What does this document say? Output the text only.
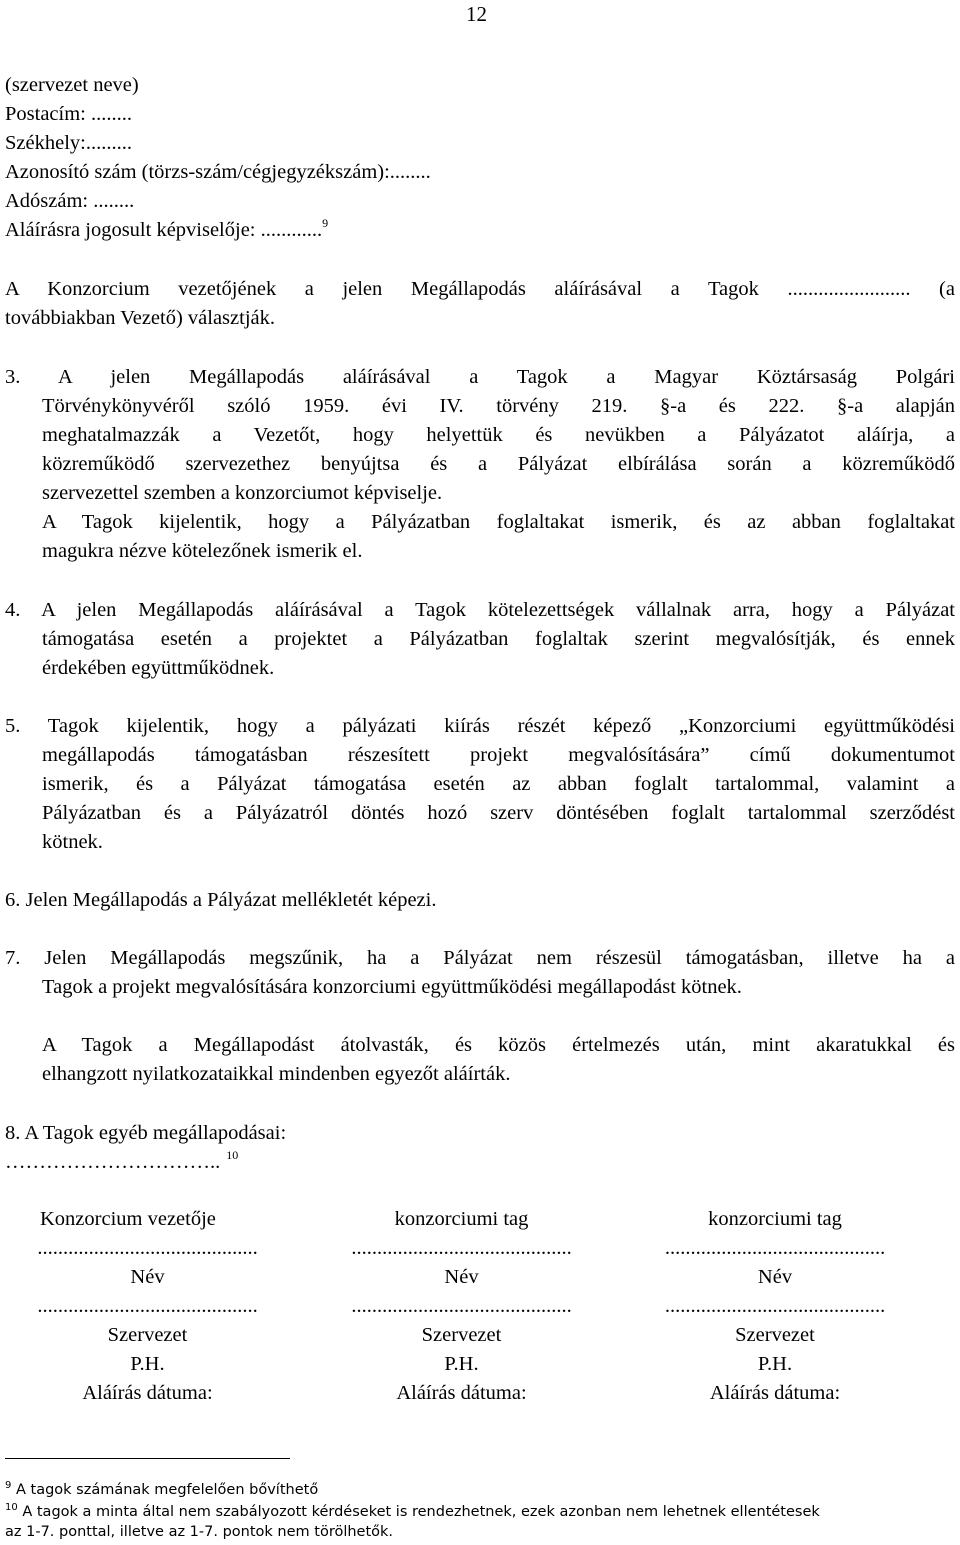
12
(szervezet neve)
Postacím: ........
Székhely:.........
Azonosító szám (törzs-szám/cégjegyzékszám):........
Adószám: ........
Aláírásra jogosult képviselője: ............$^9$
A Konzorcium vezetőjének a jelen Megállapodás aláírásával a Tagok ........................ (a
továbbiakban Vezető) választják.
3. A jelen Megállapodás aláírásával a Tagok a Magyar Köztársaság Polgári
Törvénykönyvéről szóló 1959. évi IV. törvény 219. §-a és 222. §-a alapján
meghatalmazzák a Vezetőt, hogy helyettük és nevükben a Pályázatot aláírja, a
közreműködő szervezethez benyújtsa és a Pályázat elbírálása során a közreműködő
szervezettel szemben a konzorciumot képviselje.
A Tagok kijelentik, hogy a Pályázatban foglaltakat ismerik, és az abban foglaltakat
magukra nézve kötelezőnek ismerik el.
4. A jelen Megállapodás aláírásával a Tagok kötelezettségek vállalnak arra, hogy a Pályázat
támogatása esetén a projektet a Pályázatban foglaltak szerint megvalósítják, és ennek
érdekében együttműködnek.
5. Tagok kijelentik, hogy a pályázati kiírás részét képező „Konzorciumi együttműködési
megállapodás támogatásban részesített projekt megvalósítására” című dokumentumot
ismerik, és a Pályázat támogatása esetén az abban foglalt tartalommal, valamint a
Pályázatban és a Pályázatról döntés hozó szerv döntésében foglalt tartalommal szerződést
kötnek.
6. Jelen Megállapodás a Pályázat mellékletét képezi.
7. Jelen Megállapodás megszűnik, ha a Pályázat nem részesül támogatásban, illetve ha a
Tagok a projekt megvalósítására konzorciumi együttműködési megállapodást kötnek.
A Tagok a Megállapodást átolvasták, és közös értelmezés után, mint akaratukkal és
elhangzott nyilatkozataikkal mindenben egyezőt aláírták.
8. A Tagok egyéb megállapodásai:
………………………….. $^{10}$
Konzorcium vezetője	konzorciumi tag	konzorciumi tag
...........................................	...........................................	...........................................
Név	Név	Név
...........................................	...........................................	...........................................
Szervezet	Szervezet	Szervezet
P.H.	P.H.	P.H.
Aláírás dátuma:	Aláírás dátuma:	Aláírás dátuma:
$^9$ A tagok számának megfelelően bővíthető
$^{10}$ A tagok a minta által nem szabályozott kérdéseket is rendezhetnek, ezek azonban nem lehetnek ellentétesek
az 1-7. ponttal, illetve az 1-7. pontok nem törölhetők.
